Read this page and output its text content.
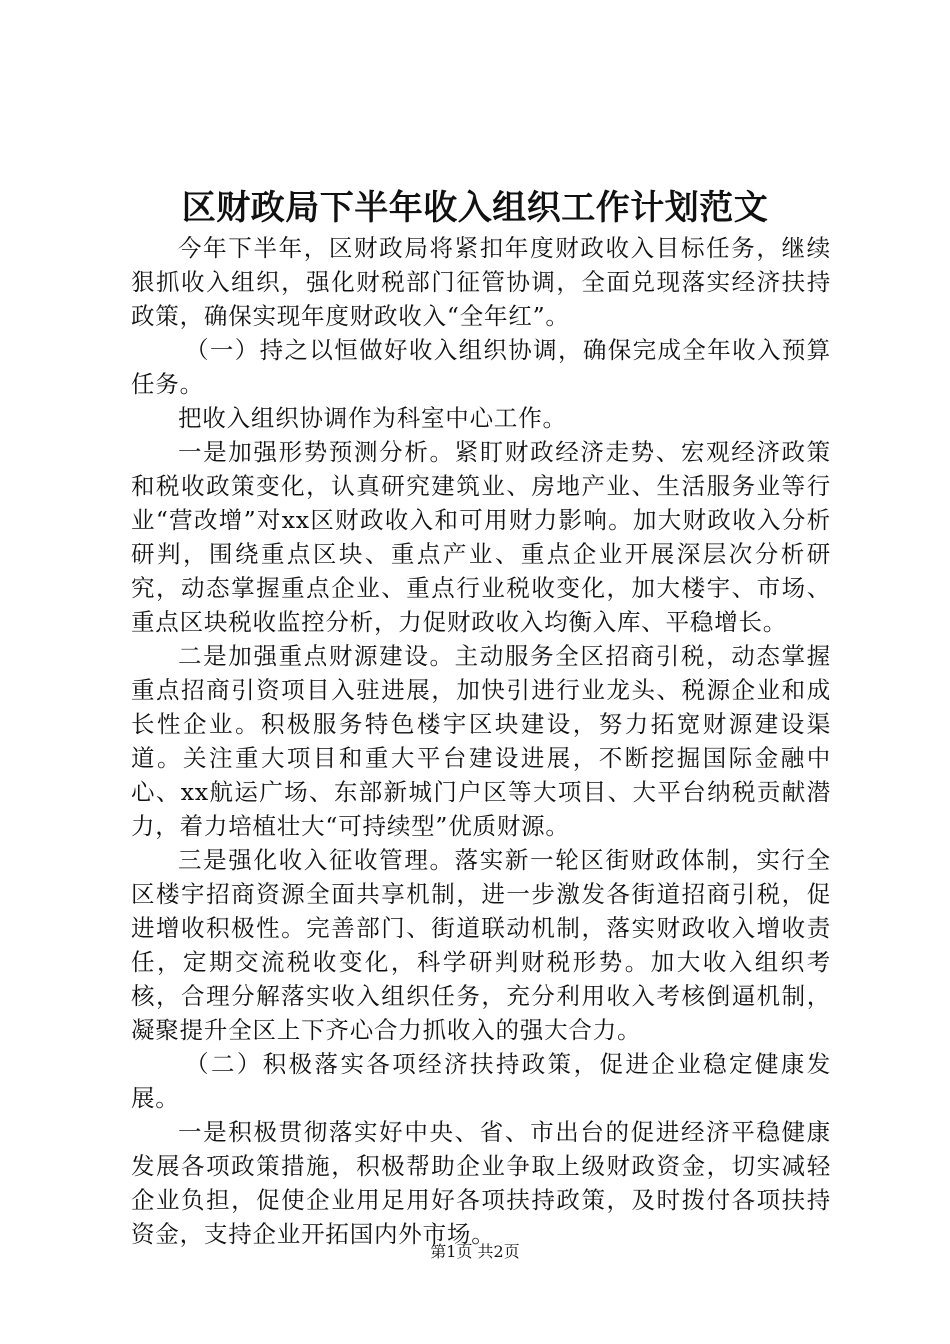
区财政局下半年收入组织工作计划范文

今年下半年，区财政局将紧扣年度财政收入目标任务，继续狠抓收入组织，强化财税部门征管协调，全面兑现落实经济扶持政策，确保实现年度财政收入“全年红”。

（一）持之以恒做好收入组织协调，确保完成全年收入预算任务。

把收入组织协调作为科室中心工作。

一是加强形势预测分析。紧盯财政经济走势、宏观经济政策和税收政策变化，认真研究建筑业、房地产业、生活服务业等行业“营改增”对xx区财政收入和可用财力影响。加大财政收入分析研判，围绕重点区块、重点产业、重点企业开展深层次分析研究，动态掌握重点企业、重点行业税收变化，加大楼宇、市场、重点区块税收监控分析，力促财政收入均衡入库、平稳增长。

二是加强重点财源建设。主动服务全区招商引税，动态掌握重点招商引资项目入驻进展，加快引进行业龙头、税源企业和成长性企业。积极服务特色楼宇区块建设，努力拓宽财源建设渠道。关注重大项目和重大平台建设进展，不断挖掘国际金融中心、xx航运广场、东部新城门户区等大项目、大平台纳税贡献潜力，着力培植壮大“可持续型”优质财源。

三是强化收入征收管理。落实新一轮区街财政体制，实行全区楼宇招商资源全面共享机制，进一步激发各街道招商引税，促进增收积极性。完善部门、街道联动机制，落实财政收入增收责任，定期交流税收变化，科学研判财税形势。加大收入组织考核，合理分解落实收入组织任务，充分利用收入考核倒逼机制，凝聚提升全区上下齐心合力抓收入的强大合力。

（二）积极落实各项经济扶持政策，促进企业稳定健康发展。

一是积极贯彻落实好中央、省、市出台的促进经济平稳健康发展各项政策措施，积极帮助企业争取上级财政资金，切实减轻企业负担，促使企业用足用好各项扶持政策，及时拨付各项扶持资金，支持企业开拓国内外市场。

第1页 共2页
